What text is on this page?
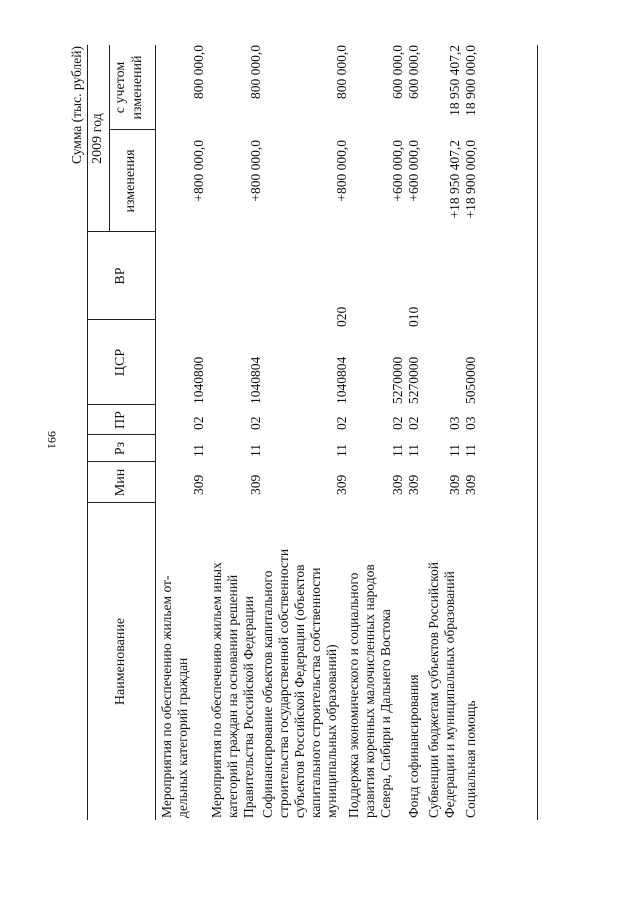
991
Сумма (тыс. рублей)
Наименование
Мин
Рз
ПР
ЦСР
ВР
2009 год
изменения
с учетом изменений
Мероприятия по обеспечению жильем от- дельных категорий граждан
309
11
02
1040800
+800 000,0
800 000,0
Мероприятия по обеспечению жильем иных категорий граждан на основании решений Правительства Российской Федерации
309
11
02
1040804
+800 000,0
800 000,0
Софинансирование объектов капитального строительства государственной собственности субъектов Российской Федерации (объектов капитального строительства собственности муниципальных образований)
309
11
02
1040804
020
+800 000,0
800 000,0
Поддержка экономического и социального развития коренных малочисленных народов Севера, Сибири и Дальнего Востока
309
11
02
5270000
+600 000,0
600 000,0
Фонд софинансирования
309
11
02
5270000
010
+600 000,0
600 000,0
Субвенции бюджетам субъектов Российской Федерации и муниципальных образований
309
11
03
+18 950 407,2
18 950 407,2
Социальная помощь
309
11
03
5050000
+18 900 000,0
18 900 000,0
